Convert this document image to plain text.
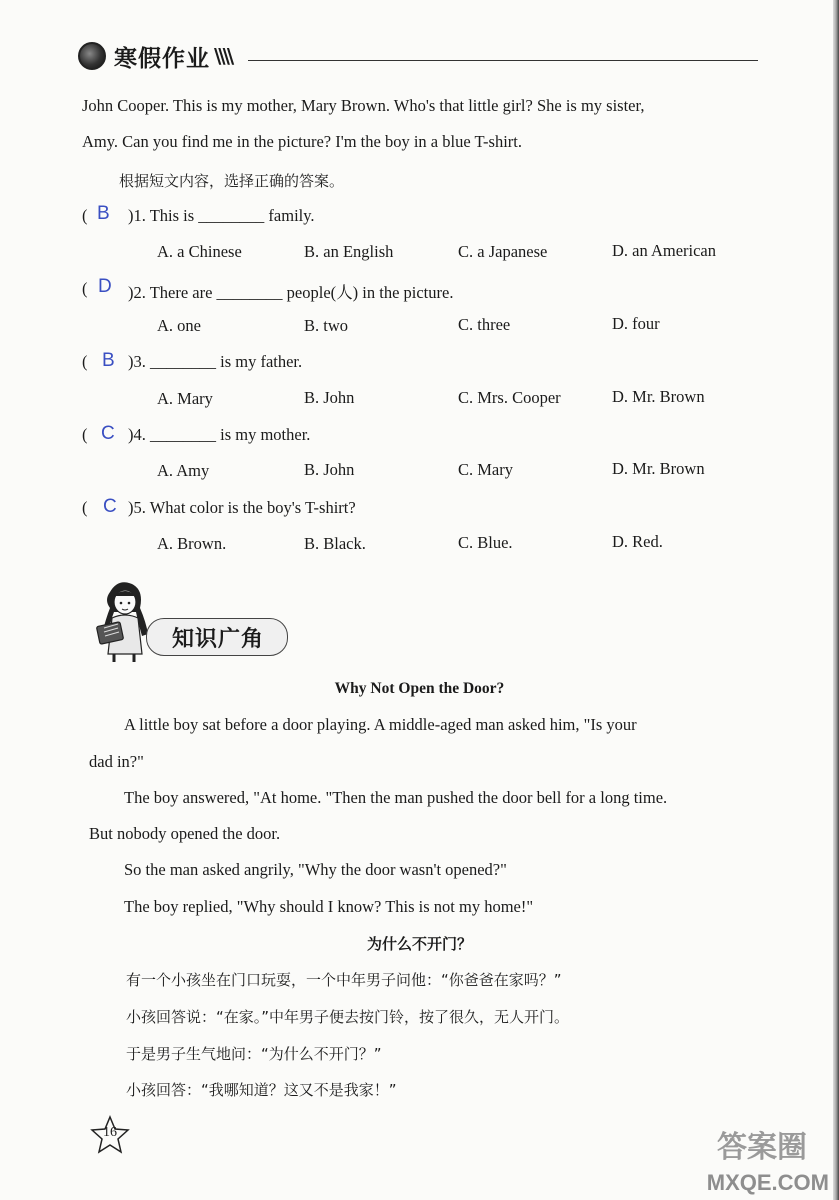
寒假作业 \\\\
John Cooper. This is my mother, Mary Brown. Who's that little girl? She is my sister,
Amy. Can you find me in the picture? I'm the boy in a blue T-shirt.
根据短文内容，选择正确的答案。
( B )1. This is ________ family.
A. a Chinese	B. an English	C. a Japanese	D. an American
( D )2. There are ________ people(人) in the picture.
A. one	B. two	C. three	D. four
( B )3. ________ is my father.
A. Mary	B. John	C. Mrs. Cooper	D. Mr. Brown
( C )4. ________ is my mother.
A. Amy	B. John	C. Mary	D. Mr. Brown
( C )5. What color is the boy's T-shirt?
A. Brown.	B. Black.	C. Blue.	D. Red.
知识广角
Why Not Open the Door?
A little boy sat before a door playing. A middle-aged man asked him, "Is your
dad in?"
The boy answered, "At home. "Then the man pushed the door bell for a long time.
But nobody opened the door.
So the man asked angrily, "Why the door wasn't opened?"
The boy replied, "Why should I know? This is not my home!"
为什么不开门？
有一个小孩坐在门口玩耍，一个中年男子问他：“你爸爸在家吗？”
小孩回答说：“在家。”中年男子便去按门铃，按了很久，无人开门。
于是男子生气地问：“为什么不开门？”
小孩回答：“我哪知道？这又不是我家！”
16	答案圈
MXQE.COM
